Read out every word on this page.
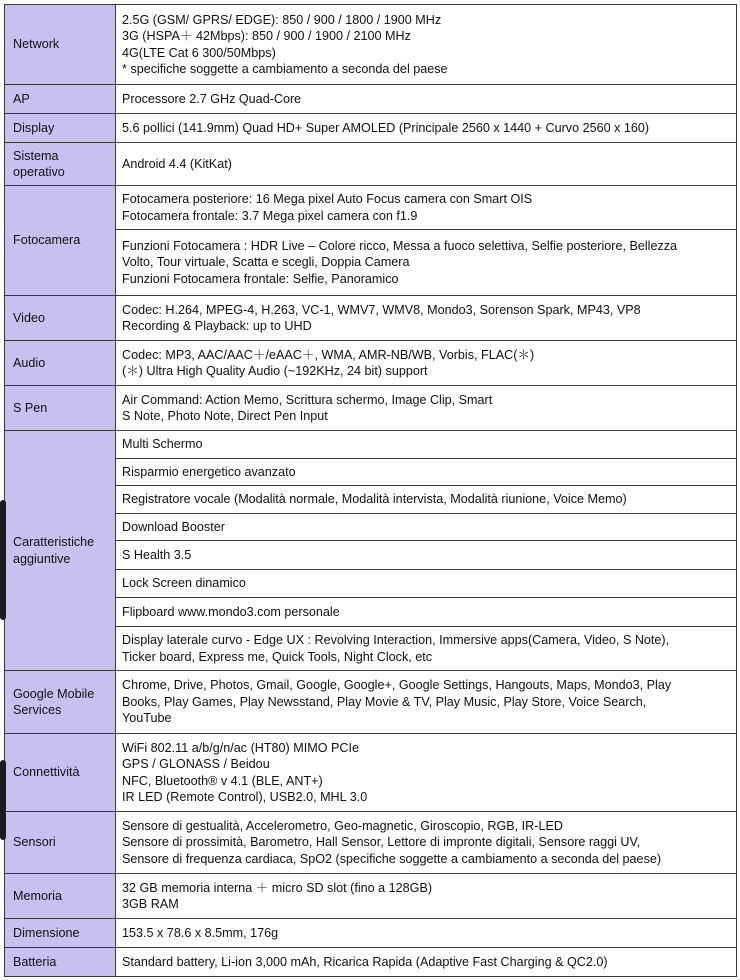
Network	2.5G (GSM/ GPRS/ EDGE): 850 / 900 / 1800 / 1900 MHz
3G (HSPA＋ 42Mbps): 850 / 900 / 1900 / 2100 MHz
4G(LTE Cat 6 300/50Mbps)
* specifiche soggette a cambiamento a seconda del paese

AP	Processore 2.7 GHz Quad-Core

Display	5.6 pollici (141.9mm) Quad HD+ Super AMOLED (Principale 2560 x 1440 + Curvo 2560 x 160)

Sistema operativo	Android 4.4 (KitKat)

Fotocamera	Fotocamera posteriore: 16 Mega pixel Auto Focus camera con Smart OIS
Fotocamera frontale: 3.7 Mega pixel camera con f1.9

	Funzioni Fotocamera : HDR Live – Colore ricco, Messa a fuoco selettiva, Selfie posteriore, Bellezza
Volto, Tour virtuale, Scatta e scegli, Doppia Camera
Funzioni Fotocamera frontale: Selfie, Panoramico

Video	Codec: H.264, MPEG-4, H.263, VC-1, WMV7, WMV8, Mondo3, Sorenson Spark, MP43, VP8
Recording & Playback: up to UHD

Audio	Codec: MP3, AAC/AAC＋/eAAC＋, WMA, AMR-NB/WB, Vorbis, FLAC(＊)
(＊) Ultra High Quality Audio (~192KHz, 24 bit) support

S Pen	Air Command: Action Memo, Scrittura schermo, Image Clip, Smart
S Note, Photo Note, Direct Pen Input

Caratteristiche aggiuntive	Multi Schermo

	Risparmio energetico avanzato

	Registratore vocale (Modalità normale, Modalità intervista, Modalità riunione, Voice Memo)

	Download Booster

	S Health 3.5

	Lock Screen dinamico

	Flipboard www.mondo3.com personale

	Display laterale curvo - Edge UX : Revolving Interaction, Immersive apps(Camera, Video, S Note),
Ticker board, Express me, Quick Tools, Night Clock, etc

Google Mobile Services	Chrome, Drive, Photos, Gmail, Google, Google+, Google Settings, Hangouts, Maps, Mondo3, Play
Books, Play Games, Play Newsstand, Play Movie & TV, Play Music, Play Store, Voice Search,
YouTube

Connettività	WiFi 802.11 a/b/g/n/ac (HT80) MIMO PCIe
GPS / GLONASS / Beidou
NFC, Bluetooth® v 4.1 (BLE, ANT+)
IR LED (Remote Control), USB2.0, MHL 3.0

Sensori	Sensore di gestualità, Accelerometro, Geo-magnetic, Giroscopio, RGB, IR-LED
Sensore di prossimità, Barometro, Hall Sensor, Lettore di impronte digitali, Sensore raggi UV,
Sensore di frequenza cardiaca, SpO2 (specifiche soggette a cambiamento a seconda del paese)

Memoria	32 GB memoria interna ＋ micro SD slot (fino a 128GB)
3GB RAM

Dimensione	153.5 x 78.6 x 8.5mm, 176g

Batteria	Standard battery, Li-ion 3,000 mAh, Ricarica Rapida (Adaptive Fast Charging & QC2.0)
